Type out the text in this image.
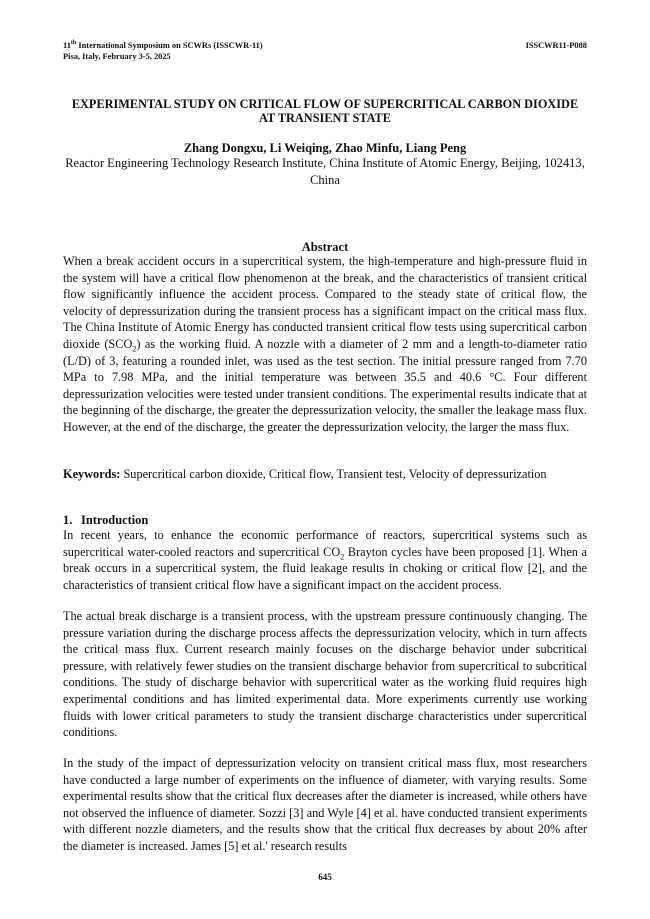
11th International Symposium on SCWRs (ISSCWR-11)
Pisa, Italy, February 3-5, 2025
ISSCWR11-P088
EXPERIMENTAL STUDY ON CRITICAL FLOW OF SUPERCRITICAL CARBON DIOXIDE AT TRANSIENT STATE
Zhang Dongxu, Li Weiqing, Zhao Minfu, Liang Peng
Reactor Engineering Technology Research Institute, China Institute of Atomic Energy, Beijing, 102413, China
Abstract
When a break accident occurs in a supercritical system, the high-temperature and high-pressure fluid in the system will have a critical flow phenomenon at the break, and the characteristics of transient critical flow significantly influence the accident process. Compared to the steady state of critical flow, the velocity of depressurization during the transient process has a significant impact on the critical mass flux. The China Institute of Atomic Energy has conducted transient critical flow tests using supercritical carbon dioxide $(SCO_2)$ as the working fluid. A nozzle with a diameter of 2 mm and a length-to-diameter ratio (L/D) of 3, featuring a rounded inlet, was used as the test section. The initial pressure ranged from 7.70 MPa to 7.98 MPa, and the initial temperature was between 35.5 and 40.6 °C. Four different depressurization velocities were tested under transient conditions. The experimental results indicate that at the beginning of the discharge, the greater the depressurization velocity, the smaller the leakage mass flux. However, at the end of the discharge, the greater the depressurization velocity, the larger the mass flux.
Keywords: Supercritical carbon dioxide, Critical flow, Transient test, Velocity of depressurization
1. Introduction
In recent years, to enhance the economic performance of reactors, supercritical systems such as supercritical water-cooled reactors and supercritical $CO_2$ Brayton cycles have been proposed [1]. When a break occurs in a supercritical system, the fluid leakage results in choking or critical flow [2], and the characteristics of transient critical flow have a significant impact on the accident process.
The actual break discharge is a transient process, with the upstream pressure continuously changing. The pressure variation during the discharge process affects the depressurization velocity, which in turn affects the critical mass flux. Current research mainly focuses on the discharge behavior under subcritical pressure, with relatively fewer studies on the transient discharge behavior from supercritical to subcritical conditions. The study of discharge behavior with supercritical water as the working fluid requires high experimental conditions and has limited experimental data. More experiments currently use working fluids with lower critical parameters to study the transient discharge characteristics under supercritical conditions.
In the study of the impact of depressurization velocity on transient critical mass flux, most researchers have conducted a large number of experiments on the influence of diameter, with varying results. Some experimental results show that the critical flux decreases after the diameter is increased, while others have not observed the influence of diameter. Sozzi [3] and Wyle [4] et al. have conducted transient experiments with different nozzle diameters, and the results show that the critical flux decreases by about 20% after the diameter is increased. James [5] et al.' research results
645
